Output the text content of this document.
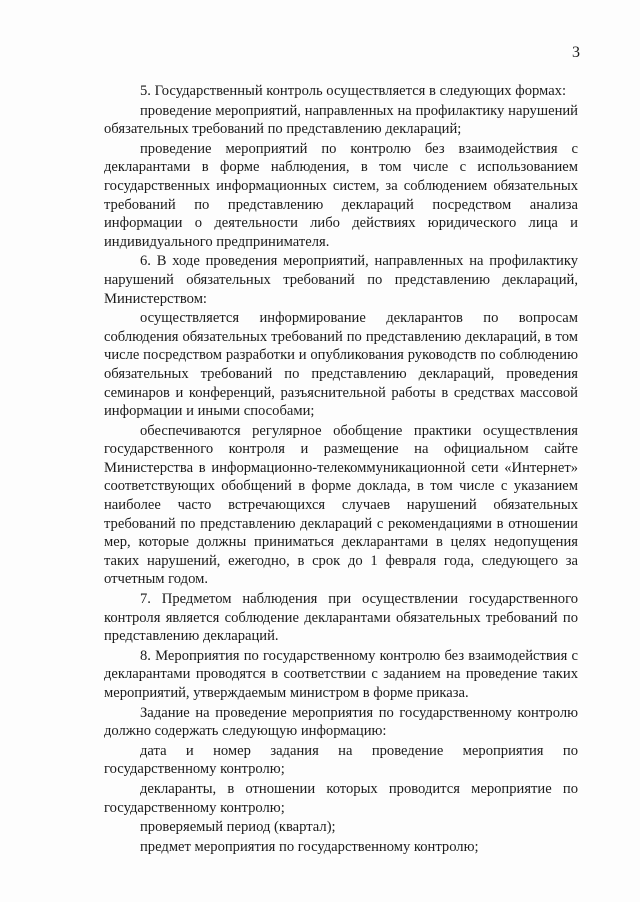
3

5. Государственный контроль осуществляется в следующих формах:

проведение мероприятий, направленных на профилактику нарушений обязательных требований по представлению деклараций;

проведение мероприятий по контролю без взаимодействия с декларантами в форме наблюдения, в том числе с использованием государственных информационных систем, за соблюдением обязательных требований по представлению деклараций посредством анализа информации о деятельности либо действиях юридического лица и индивидуального предпринимателя.

6. В ходе проведения мероприятий, направленных на профилактику нарушений обязательных требований по представлению деклараций, Министерством:

осуществляется информирование декларантов по вопросам соблюдения обязательных требований по представлению деклараций, в том числе посредством разработки и опубликования руководств по соблюдению обязательных требований по представлению деклараций, проведения семинаров и конференций, разъяснительной работы в средствах массовой информации и иными способами;

обеспечиваются регулярное обобщение практики осуществления государственного контроля и размещение на официальном сайте Министерства в информационно-телекоммуникационной сети «Интернет» соответствующих обобщений в форме доклада, в том числе с указанием наиболее часто встречающихся случаев нарушений обязательных требований по представлению деклараций с рекомендациями в отношении мер, которые должны приниматься декларантами в целях недопущения таких нарушений, ежегодно, в срок до 1 февраля года, следующего за отчетным годом.

7. Предметом наблюдения при осуществлении государственного контроля является соблюдение декларантами обязательных требований по представлению деклараций.

8. Мероприятия по государственному контролю без взаимодействия с декларантами проводятся в соответствии с заданием на проведение таких мероприятий, утверждаемым министром в форме приказа.

Задание на проведение мероприятия по государственному контролю должно содержать следующую информацию:

дата и номер задания на проведение мероприятия по государственному контролю;

декларанты, в отношении которых проводится мероприятие по государственному контролю;

проверяемый период (квартал);

предмет мероприятия по государственному контролю;
